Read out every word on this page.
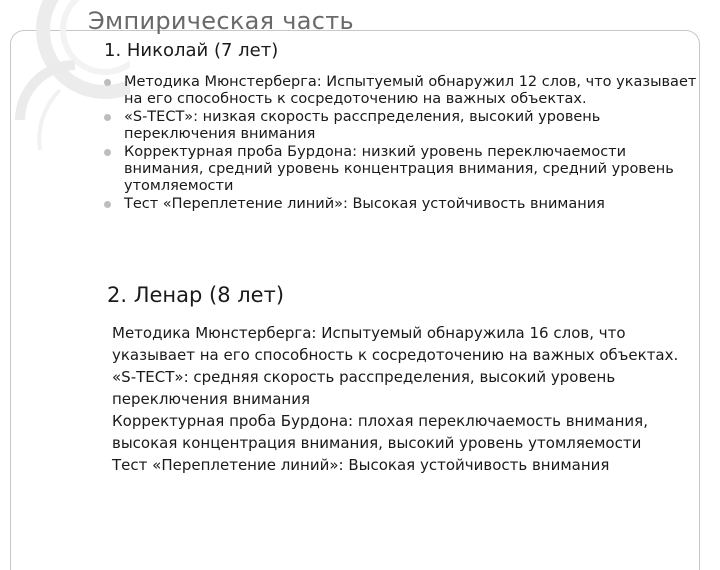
Эмпирическая часть
1. Николай (7 лет)
Методика Мюнстерберга: Испытуемый обнаружил 12 слов, что указывает на его способность к сосредоточению на важных объектах.
«S-ТЕСТ»: низкая скорость расспределения, высокий уровень переключения внимания
Корректурная проба Бурдона: низкий уровень переключаемости внимания, средний уровень концентрация внимания, средний уровень утомляемости
Тест «Переплетение линий»: Высокая устойчивость внимания
2. Ленар (8 лет)

Методика Мюнстерберга: Испытуемый обнаружила 16 слов, что указывает на его способность к сосредоточению на важных объектах.

«S-ТЕСТ»: средняя скорость расспределения, высокий уровень переключения внимания

Корректурная проба Бурдона: плохая переключаемость внимания, высокая концентрация внимания, высокий уровень утомляемости

Тест «Переплетение линий»: Высокая устойчивость внимания
